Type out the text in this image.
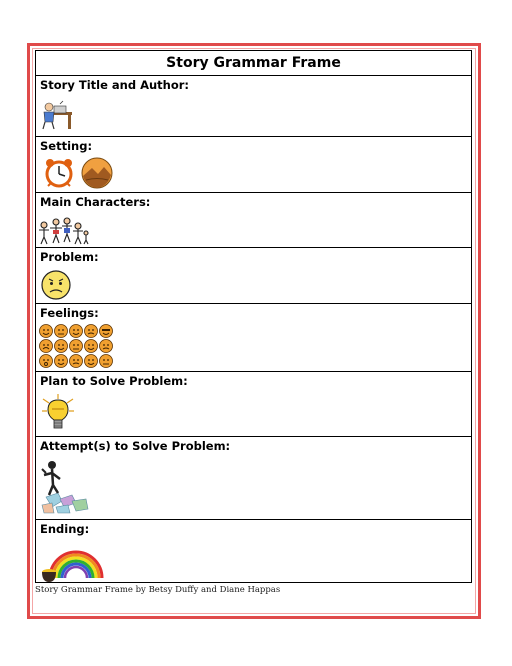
Story Grammar Frame
Story Title and Author:
Setting:
Main Characters:
Problem:
Feelings:
Plan to Solve Problem:
Attempt(s) to Solve Problem:
Ending:
Story Grammar Frame by Betsy Duffy and Diane Happas
